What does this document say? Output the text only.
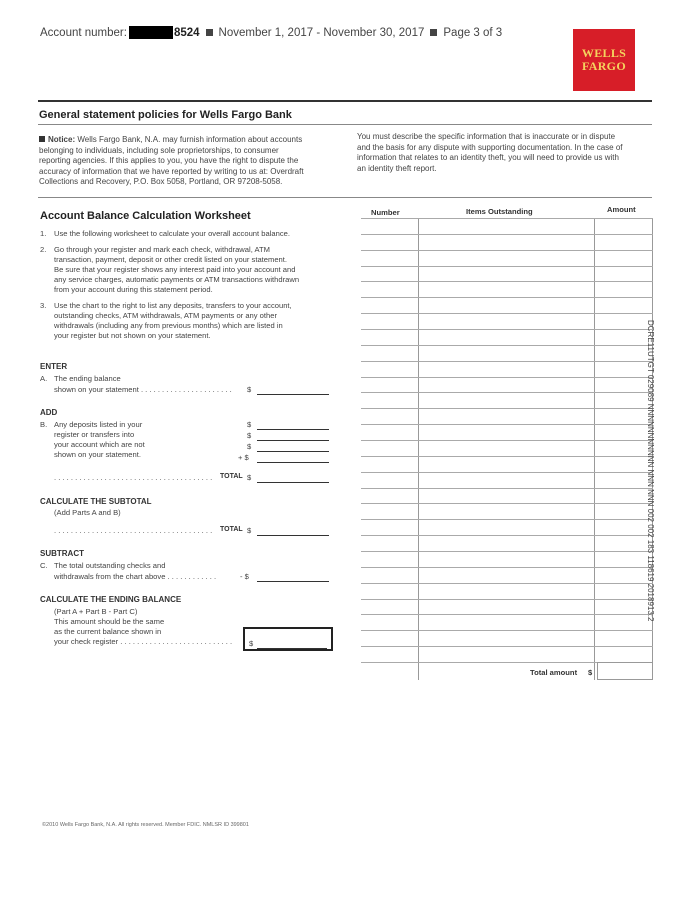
Account number:	8524 November 1, 2017 - November 30, 2017 Page 3 of 3
WELLS
FARGO
General statement policies for Wells Fargo Bank
Notice: Wells Fargo Bank, N.A. may furnish information about accounts
belonging to individuals, including sole proprietorships, to consumer
reporting agencies. If this applies to you, you have the right to dispute the
accuracy of information that we have reported by writing to us at: Overdraft
Collections and Recovery, P.O. Box 5058, Portland, OR 97208-5058.
You must describe the specific information that is inaccurate or in dispute
and the basis for any dispute with supporting documentation. In the case of
information that relates to an identity theft, you will need to provide us with
an identity theft report.
Account Balance Calculation Worksheet
1.	Use the following worksheet to calculate your overall account balance.
2.	Go through your register and mark each check, withdrawal, ATM
transaction, payment, deposit or other credit listed on your statement.
Be sure that your register shows any interest paid into your account and
any service charges, automatic payments or ATM transactions withdrawn
from your account during this statement period.
3.	Use the chart to the right to list any deposits, transfers to your account,
outstanding checks, ATM withdrawals, ATM payments or any other
withdrawals (including any from previous months) which are listed in
your register but not shown on your statement.
ENTER
A. The ending balance
shown on your statement . . . . . . . . . . . . . . . . . . . . . . $
ADD
B. Any deposits listed in your
register or transfers into
your account which are not
shown on your statement.
$
$
$
+ $
. . . . . . . . . . . . . . . . . . . . . . . . . . . . . . . . . . . . . . TOTAL $
CALCULATE THE SUBTOTAL
(Add Parts A and B)
. . . . . . . . . . . . . . . . . . . . . . . . . . . . . . . . . . . . . . TOTAL $
SUBTRACT
C. The total outstanding checks and
withdrawals from the chart above . . . . . . . . . . . .	- $
CALCULATE THE ENDING BALANCE
(Part A + Part B - Part C)
This amount should be the same
as the current balance shown in
your check register . . . . . . . . . . . . . . . . . . . . . . . . . . . $
Number	Items Outstanding	Amount
Total amount $
DCRE11UTGT 029089 NNNNNNNNNNN NNN NNN 002 002 183 118619 2018913:2
©2010 Wells Fargo Bank, N.A. All rights reserved. Member FDIC. NMLSR ID 399801
